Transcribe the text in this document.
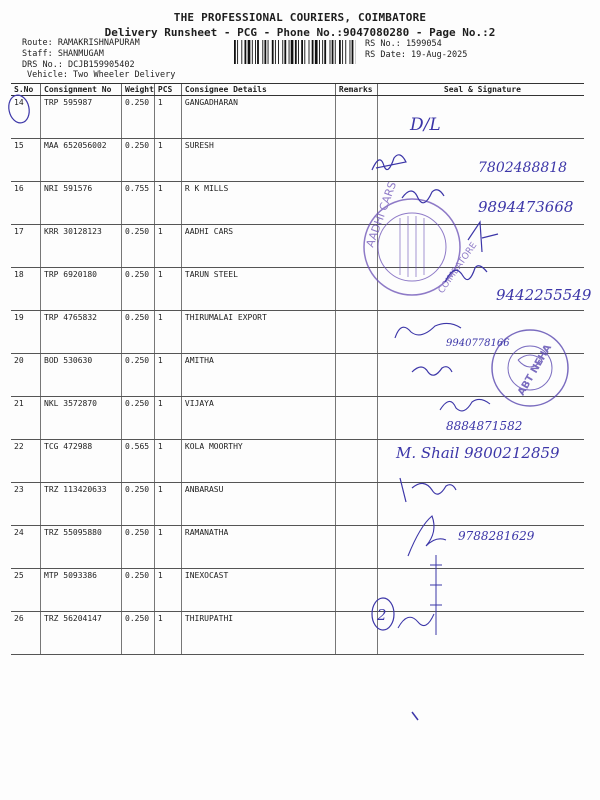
THE PROFESSIONAL COURIERS, COIMBATORE
Delivery Runsheet - PCG - Phone No.:9047080280 - Page No.:2
Route: RAMAKRISHNAPURAM
Staff: SHANMUGAM
DRS No.: DCJB159905402
RS No.: 1599054
RS Date: 19-Aug-2025
Vehicle: Two Wheeler Delivery
S.No	Consignment No	Weight	PCS	Consignee Details	Remarks	Seal & Signature
14	TRP 595987	0.250	1	GANGADHARAN		
15	MAA 652056002	0.250	1	SURESH		
16	NRI 591576	0.755	1	R K MILLS		
17	KRR 30128123	0.250	1	AADHI CARS		
18	TRP 6920180	0.250	1	TARUN STEEL		
19	TRP 4765832	0.250	1	THIRUMALAI EXPORT		
20	BOD 530630	0.250	1	AMITHA		
21	NKL 3572870	0.250	1	VIJAYA		
22	TCG 472988	0.565	1	KOLA MOORTHY		
23	TRZ 113420633	0.250	1	ANBARASU		
24	TRZ 55095880	0.250	1	RAMANATHA		
25	MTP 5093386	0.250	1	INEXOCAST		
26	TRZ 56204147	0.250	1	THIRUPATHI			2
AADHI CARS
COIMBATORE
ABT NEHA
D/L
7802488818
9894473668
9442255549
9940778166
8884871582
M. Shail 9800212859
9788281629
